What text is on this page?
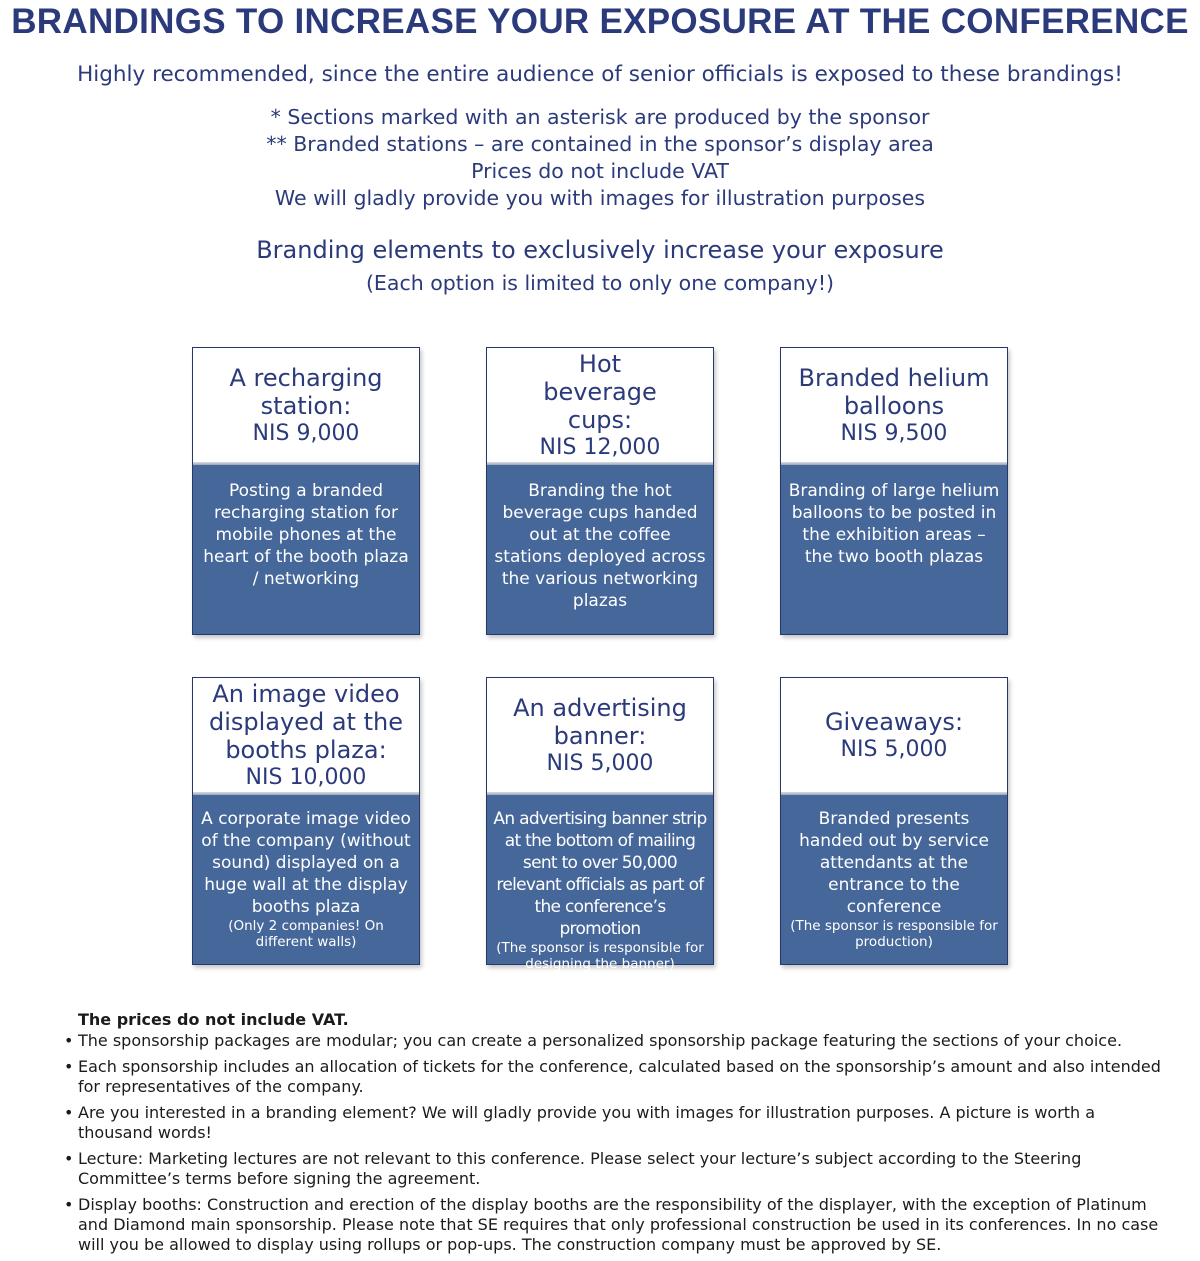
BRANDINGS TO INCREASE YOUR EXPOSURE AT THE CONFERENCE
Highly recommended, since the entire audience of senior officials is exposed to these brandings!
* Sections marked with an asterisk are produced by the sponsor
** Branded stations – are contained in the sponsor’s display area
Prices do not include VAT
We will gladly provide you with images for illustration purposes
Branding elements to exclusively increase your exposure
(Each option is limited to only one company!)
A recharging station:
NIS 9,000
Posting a branded recharging station for mobile phones at the heart of the booth plaza / networking
Hot beverage cups:
NIS 12,000
Branding the hot beverage cups handed out at the coffee stations deployed across the various networking plazas
Branded helium balloons
NIS 9,500
Branding of large helium balloons to be posted in the exhibition areas – the two booth plazas
An image video displayed at the booths plaza:
NIS 10,000
A corporate image video of the company (without sound) displayed on a huge wall at the display booths plaza
(Only 2 companies! On different walls)
An advertising banner:
NIS 5,000
An advertising banner strip at the bottom of mailing sent to over 50,000 relevant officials as part of the conference’s promotion
(The sponsor is responsible for designing the banner)
Giveaways:
NIS 5,000
Branded presents handed out by service attendants at the entrance to the conference
(The sponsor is responsible for production)
The prices do not include VAT.
• The sponsorship packages are modular; you can create a personalized sponsorship package featuring the sections of your choice.
• Each sponsorship includes an allocation of tickets for the conference, calculated based on the sponsorship’s amount and also intended for representatives of the company.
• Are you interested in a branding element? We will gladly provide you with images for illustration purposes. A picture is worth a thousand words!
• Lecture: Marketing lectures are not relevant to this conference. Please select your lecture’s subject according to the Steering Committee’s terms before signing the agreement.
• Display booths: Construction and erection of the display booths are the responsibility of the displayer, with the exception of Platinum and Diamond main sponsorship. Please note that SE requires that only professional construction be used in its conferences. In no case will you be allowed to display using rollups or pop-ups. The construction company must be approved by SE.
